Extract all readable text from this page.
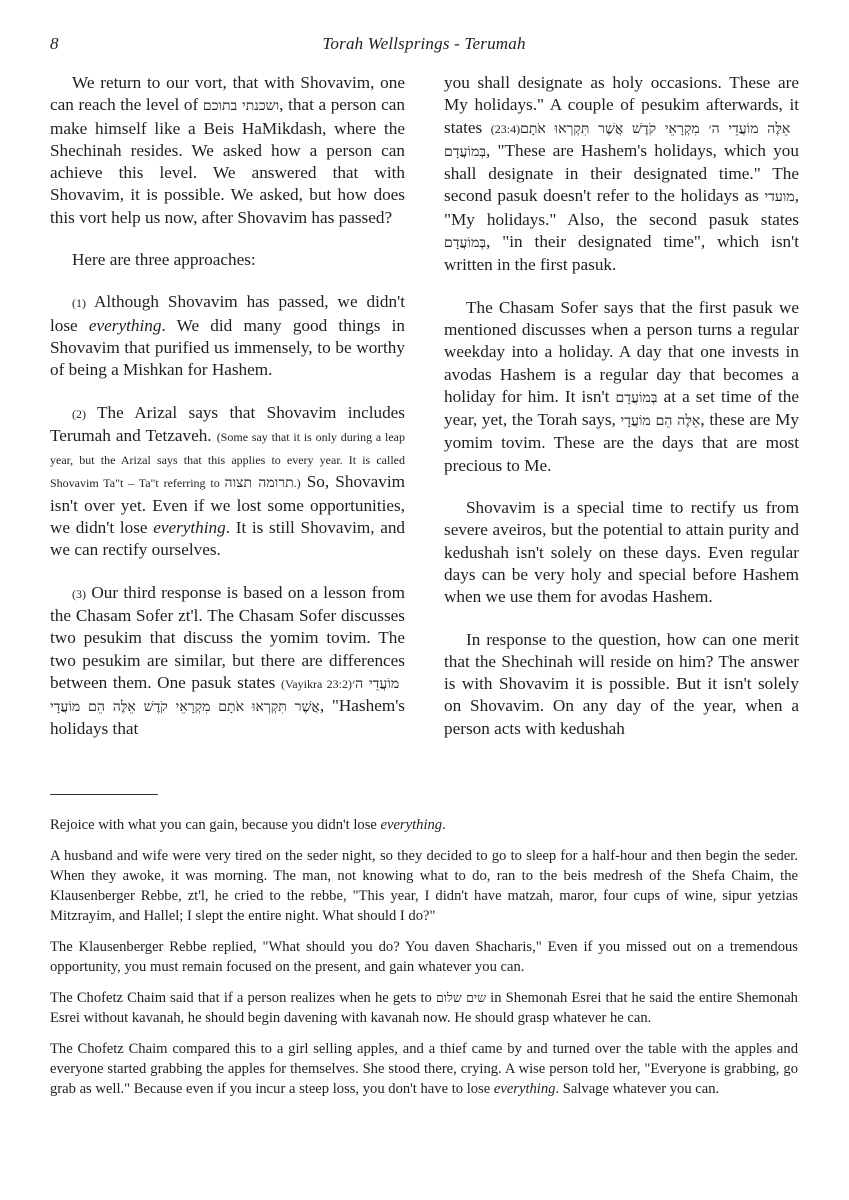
8	Torah Wellsprings - Terumah

We return to our vort, that with Shovavim, one can reach the level of ושכנתי בתוכם, that a person can make himself like a Beis HaMikdash, where the Shechinah resides. We asked how a person can achieve this level. We answered that with Shovavim, it is possible. We asked, but how does this vort help us now, after Shovavim has passed?

Here are three approaches:

(1) Although Shovavim has passed, we didn't lose everything. We did many good things in Shovavim that purified us immensely, to be worthy of being a Mishkan for Hashem.

(2) The Arizal says that Shovavim includes Terumah and Tetzaveh. (Some say that it is only during a leap year, but the Arizal says that this applies to every year. It is called Shovavim Ta"t – Ta"t referring to תרומה תצוה.) So, Shovavim isn't over yet. Even if we lost some opportunities, we didn't lose everything. It is still Shovavim, and we can rectify ourselves.

(3) Our third response is based on a lesson from the Chasam Sofer zt'l. The Chasam Sofer discusses two pesukim that discuss the yomim tovim. The two pesukim are similar, but there are differences between them. One pasuk states (Vayikra 23:2) מוֹעֲדֵי ה׳ אֲשֶׁר תִּקְרְאוּ אֹתָם מִקְרָאֵי קֹדֶשׁ אֵלֶּה הֵם מוֹעֲדָי, "Hashem's holidays that

you shall designate as holy occasions. These are My holidays." A couple of pesukim afterwards, it states (23:4) אֵלֶּה מוֹעֲדֵי ה׳ מִקְרָאֵי קֹדֶשׁ אֲשֶׁר תִּקְרְאוּ אֹתָם בְּמוֹעֲדָם, "These are Hashem's holidays, which you shall designate in their designated time." The second pasuk doesn't refer to the holidays as מועדי, "My holidays." Also, the second pasuk states בְּמוֹעֲדָם, "in their designated time", which isn't written in the first pasuk.

The Chasam Sofer says that the first pasuk we mentioned discusses when a person turns a regular weekday into a holiday. A day that one invests in avodas Hashem is a regular day that becomes a holiday for him. It isn't בְּמוֹעֲדָם at a set time of the year, yet, the Torah says, אֵלֶּה הֵם מוֹעֲדָי, these are My yomim tovim. These are the days that are most precious to Me.

Shovavim is a special time to rectify us from severe aveiros, but the potential to attain purity and kedushah isn't solely on these days. Even regular days can be very holy and special before Hashem when we use them for avodas Hashem.

In response to the question, how can one merit that the Shechinah will reside on him? The answer is with Shovavim it is possible. But it isn't solely on Shovavim. On any day of the year, when a person acts with kedushah

Rejoice with what you can gain, because you didn't lose everything.

A husband and wife were very tired on the seder night, so they decided to go to sleep for a half-hour and then begin the seder. When they awoke, it was morning. The man, not knowing what to do, ran to the beis medresh of the Shefa Chaim, the Klausenberger Rebbe, zt'l, he cried to the rebbe, "This year, I didn't have matzah, maror, four cups of wine, sipur yetzias Mitzrayim, and Hallel; I slept the entire night. What should I do?"

The Klausenberger Rebbe replied, "What should you do? You daven Shacharis," Even if you missed out on a tremendous opportunity, you must remain focused on the present, and gain whatever you can.

The Chofetz Chaim said that if a person realizes when he gets to שים שלום in Shemonah Esrei that he said the entire Shemonah Esrei without kavanah, he should begin davening with kavanah now. He should grasp whatever he can.

The Chofetz Chaim compared this to a girl selling apples, and a thief came by and turned over the table with the apples and everyone started grabbing the apples for themselves. She stood there, crying. A wise person told her, "Everyone is grabbing, go grab as well." Because even if you incur a steep loss, you don't have to lose everything. Salvage whatever you can.
